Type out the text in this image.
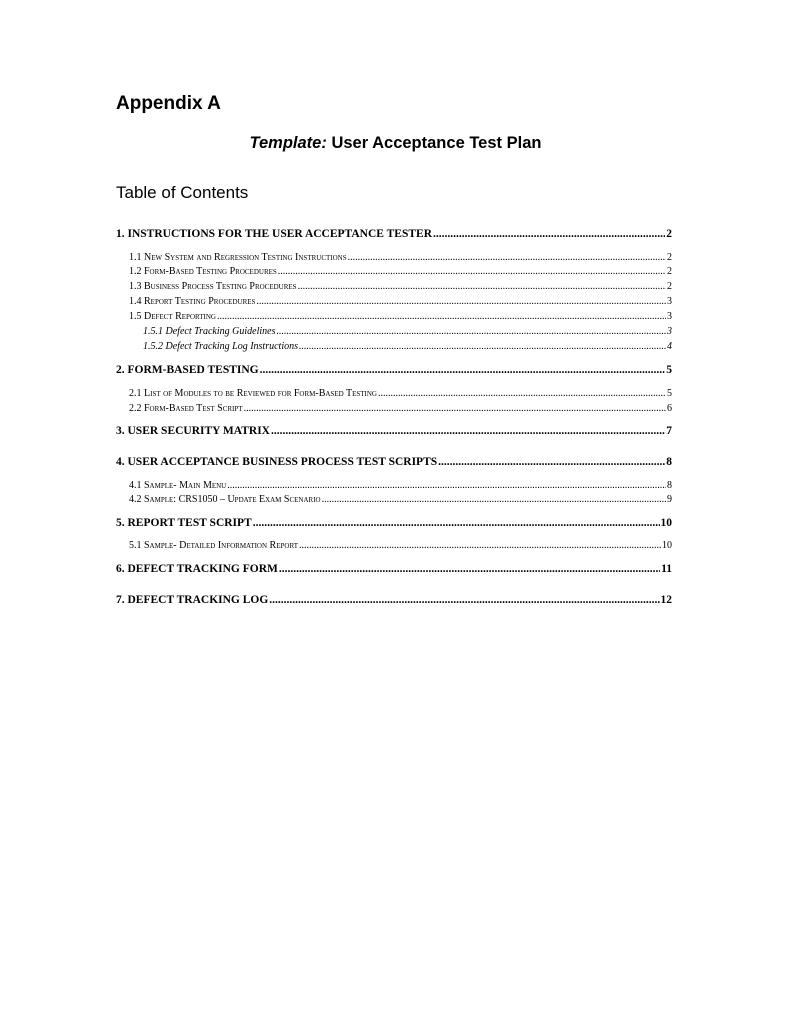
Appendix A
Template: User Acceptance Test Plan
Table of Contents
1. INSTRUCTIONS FOR THE USER ACCEPTANCE TESTER .....	2
1.1 New System and Regression Testing Instructions .....	2
1.2 Form-Based Testing Procedures .....	2
1.3 Business Process Testing Procedures .....	2
1.4 Report Testing Procedures .....	3
1.5 Defect Reporting .....	3
1.5.1 Defect Tracking Guidelines .....	3
1.5.2 Defect Tracking Log Instructions .....	4
2. FORM-BASED TESTING .....	5
2.1 List of Modules to be Reviewed for Form-Based Testing .....	5
2.2 Form-Based Test Script .....	6
3. USER SECURITY MATRIX .....	7
4. USER ACCEPTANCE BUSINESS PROCESS TEST SCRIPTS .....	8
4.1 Sample- Main Menu .....	8
4.2 Sample: CRS1050 – Update Exam Scenario .....	9
5. REPORT TEST SCRIPT .....	10
5.1 Sample- Detailed Information Report .....	10
6. DEFECT TRACKING FORM .....	11
7. DEFECT TRACKING LOG .....	12
